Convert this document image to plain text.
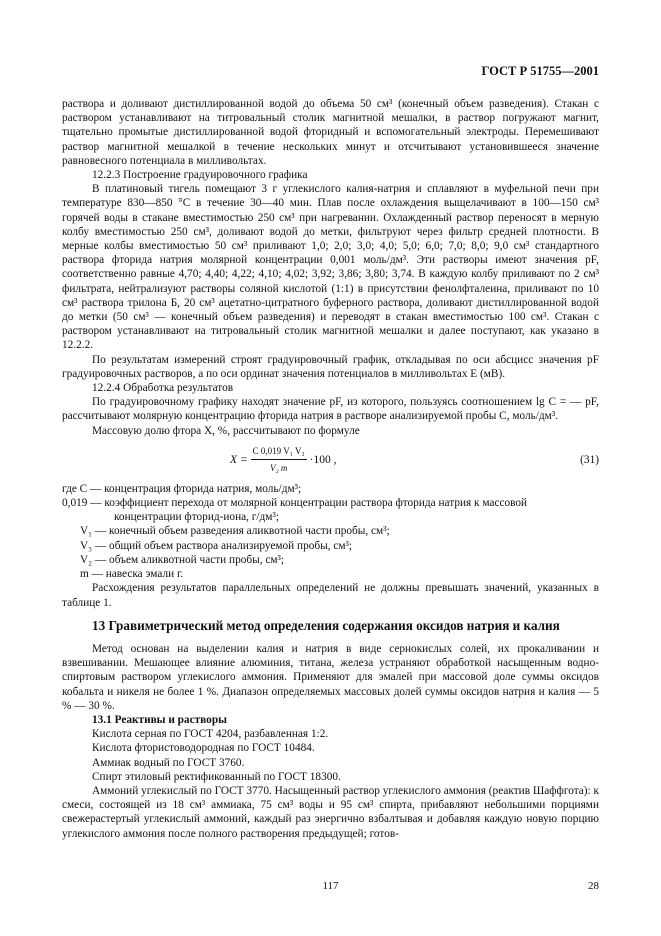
ГОСТ Р 51755—2001

раствора и доливают дистиллированной водой до объема 50 см³ (конечный объем разведения). Стакан с раствором устанавливают на титровальный столик магнитной мешалки, в раствор погружают магнит, тщательно промытые дистиллированной водой фторидный и вспомогательный электроды. Перемешивают раствор магнитной мешалкой в течение нескольких минут и отсчитывают установившееся значение равновесного потенциала в милливольтах.

12.2.3 Построение градуировочного графика

В платиновый тигель помещают 3 г углекислого калия-натрия и сплавляют в муфельной печи при температуре 830—850 °С в течение 30—40 мин. Плав после охлаждения выщелачивают в 100—150 см³ горячей воды в стакане вместимостью 250 см³ при нагревании. Охлажденный раствор переносят в мерную колбу вместимостью 250 см³, доливают водой до метки, фильтруют через фильтр средней плотности. В мерные колбы вместимостью 50 см³ приливают 1,0; 2,0; 3,0; 4,0; 5,0; 6,0; 7,0; 8,0; 9,0 см³ стандартного раствора фторида натрия молярной концентрации 0,001 моль/дм³. Эти растворы имеют значения pF, соответственно равные 4,70; 4,40; 4,22; 4,10; 4,02; 3,92; 3,86; 3,80; 3,74. В каждую колбу приливают по 2 см³ фильтрата, нейтрализуют растворы соляной кислотой (1:1) в присутствии фенолфталеина, приливают по 10 см³ раствора трилона Б, 20 см³ ацетатно-цитратного буферного раствора, доливают дистиллированной водой до метки (50 см³ — конечный объем разведения) и переводят в стакан вместимостью 100 см³. Стакан с раствором устанавливают на титровальный столик магнитной мешалки и далее поступают, как указано в 12.2.2.

По результатам измерений строят градуировочный график, откладывая по оси абсцисс значения pF градуировочных растворов, а по оси ординат значения потенциалов в милливольтах E (мВ).

12.2.4 Обработка результатов

По градуировочному графику находят значение pF, из которого, пользуясь соотношением lg C = — pF, рассчитывают молярную концентрацию фторида натрия в растворе анализируемой пробы C, моль/дм³.

Массовую долю фтора X, %, рассчитывают по формуле

$X = \frac{\text{C 0,019 V₁ V₃}}{\text{V₂ m}} \cdot 100$ ,	(31)

где C — концентрация фторида натрия, моль/дм³;

0,019 — коэффициент перехода от молярной концентрации раствора фторида натрия к массовой

концентрации фторид-иона, г/дм³;

V₁ — конечный объем разведения аликвотной части пробы, см³;

V₃ — общий объем раствора анализируемой пробы, см³;

V₂ — объем аликвотной части пробы, см³;

m — навеска эмали г.

Расхождения результатов параллельных определений не должны превышать значений, указанных в таблице 1.

13 Гравиметрический метод определения содержания оксидов натрия и калия

Метод основан на выделении калия и натрия в виде сернокислых солей, их прокаливании и взвешивании. Мешающее влияние алюминия, титана, железа устраняют обработкой насыщенным водно-спиртовым раствором углекислого аммония. Применяют для эмалей при массовой доле суммы оксидов кобальта и никеля не более 1 %. Диапазон определяемых массовых долей суммы оксидов натрия и калия — 5 % — 30 %.

13.1 Реактивы и растворы

Кислота серная по ГОСТ 4204, разбавленная 1:2.

Кислота фтористоводородная по ГОСТ 10484.

Аммиак водный по ГОСТ 3760.

Спирт этиловый ректификованный по ГОСТ 18300.

Аммоний углекислый по ГОСТ 3770. Насыщенный раствор углекислого аммония (реактив Шаффгота): к смеси, состоящей из 18 см³ аммиака, 75 см³ воды и 95 см³ спирта, прибавляют небольшими порциями свежерастертый углекислый аммоний, каждый раз энергично взбалтывая и добавляя каждую новую порцию углекислого аммония после полного растворения предыдущей; готов-

117	28
